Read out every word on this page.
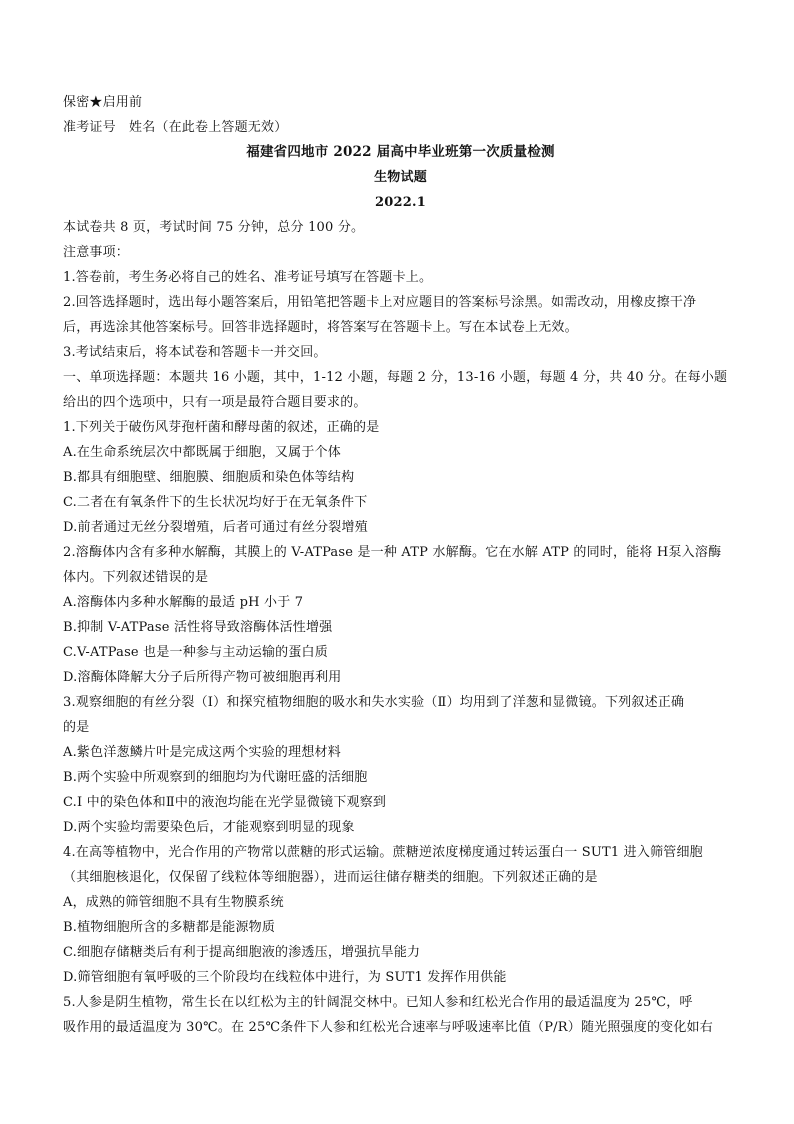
保密★启用前
准考证号　姓名（在此卷上答题无效）
福建省四地市 2022 届高中毕业班第一次质量检测
生物试题
2022.1
本试卷共 8 页，考试时间 75 分钟，总分 100 分。
注意事项：
1.答卷前，考生务必将自己的姓名、准考证号填写在答题卡上。
2.回答选择题时，选出每小题答案后，用铅笔把答题卡上对应题目的答案标号涂黑。如需改动，用橡皮擦干净
后，再选涂其他答案标号。回答非选择题时，将答案写在答题卡上。写在本试卷上无效。
3.考试结束后，将本试卷和答题卡一并交回。
一、单项选择题：本题共 16 小题，其中，1-12 小题，每题 2 分，13-16 小题，每题 4 分，共 40 分。在每小题
给出的四个选项中，只有一项是最符合题目要求的。
1.下列关于破伤风芽孢杆菌和酵母菌的叙述，正确的是
A.在生命系统层次中都既属于细胞，又属于个体
B.都具有细胞壁、细胞膜、细胞质和染色体等结构
C.二者在有氧条件下的生长状况均好于在无氧条件下
D.前者通过无丝分裂增殖，后者可通过有丝分裂增殖
2.溶酶体内含有多种水解酶，其膜上的 V-ATPase 是一种 ATP 水解酶。它在水解 ATP 的同时，能将 H泵入溶酶
体内。下列叙述错误的是
A.溶酶体内多种水解酶的最适 pH 小于 7
B.抑制 V-ATPase 活性将导致溶酶体活性增强
C.V-ATPase 也是一种参与主动运输的蛋白质
D.溶酶体降解大分子后所得产物可被细胞再利用
3.观察细胞的有丝分裂（I）和探究植物细胞的吸水和失水实验（Ⅱ）均用到了洋葱和显微镜。下列叙述正确
的是
A.紫色洋葱鳞片叶是完成这两个实验的理想材料
B.两个实验中所观察到的细胞均为代谢旺盛的活细胞
C.I 中的染色体和Ⅱ中的液泡均能在光学显微镜下观察到
D.两个实验均需要染色后，才能观察到明显的现象
4.在高等植物中，光合作用的产物常以蔗糖的形式运输。蔗糖逆浓度梯度通过转运蛋白一 SUT1 进入筛管细胞
（其细胞核退化，仅保留了线粒体等细胞器），进而运往储存糖类的细胞。下列叙述正确的是
A，成熟的筛管细胞不具有生物膜系统
B.植物细胞所含的多糖都是能源物质
C.细胞存储糖类后有利于提高细胞液的渗透压，增强抗旱能力
D.筛管细胞有氧呼吸的三个阶段均在线粒体中进行，为 SUT1 发挥作用供能
5.人参是阴生植物，常生长在以红松为主的针阔混交林中。已知人参和红松光合作用的最适温度为 25℃，呼
吸作用的最适温度为 30℃。在 25℃条件下人参和红松光合速率与呼吸速率比值（P/R）随光照强度的变化如右
